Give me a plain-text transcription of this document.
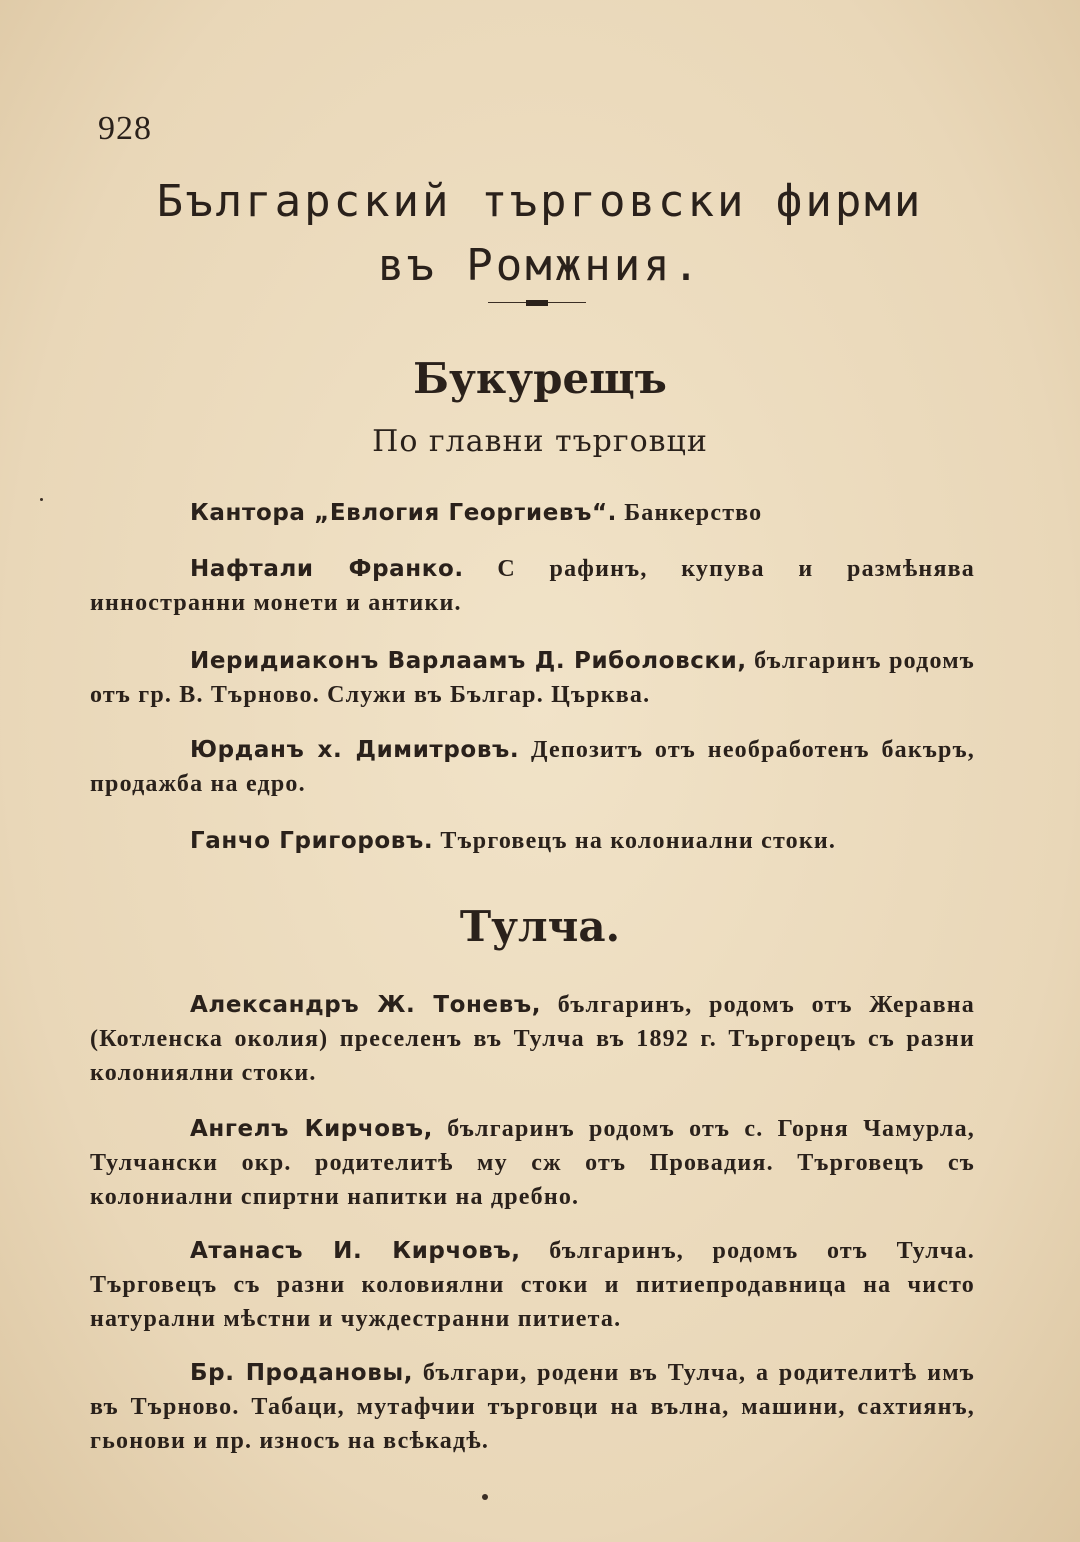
928
Българский търговски фирми
въ Ромжния.
Букурещъ
По главни търговци

Кантора „Евлогия Георгиевъ“. Банкерство

Нафтали Франко. С рафинъ, купува и размѣнява инностранни монети и антики.

Иеридиаконъ Варлаамъ Д. Риболовски, българинъ родомъ отъ гр. В. Търново. Служи въ Българ. Църква.

Юрданъ х. Димитровъ. Депозитъ отъ необработенъ бакъръ, продажба на едро.

Ганчо Григоровъ. Търговецъ на колониални стоки.

Тулча.

Александръ Ж. Тоневъ, българинъ, родомъ отъ Жеравна (Котленска околия) преселенъ въ Тулча въ 1892 г. Търгорецъ съ разни колониялни стоки.

Ангелъ Кирчовъ, българинъ родомъ отъ с. Горня Чамурла, Тулчански окр. родителитѣ му сж отъ Провадия. Търговецъ съ колониални спиртни напитки на дребно.

Атанасъ И. Кирчовъ, българинъ, родомъ отъ Тулча. Търговецъ съ разни коловиялни стоки и питиепродавница на чисто натурални мѣстни и чуждестранни питиета.

Бр. Продановы, българи, родени въ Тулча, а родителитѣ имъ въ Търново. Табаци, мутафчии търговци на вълна, машини, сахтиянъ, гьонови и пр. износъ на всѣкадѣ.
